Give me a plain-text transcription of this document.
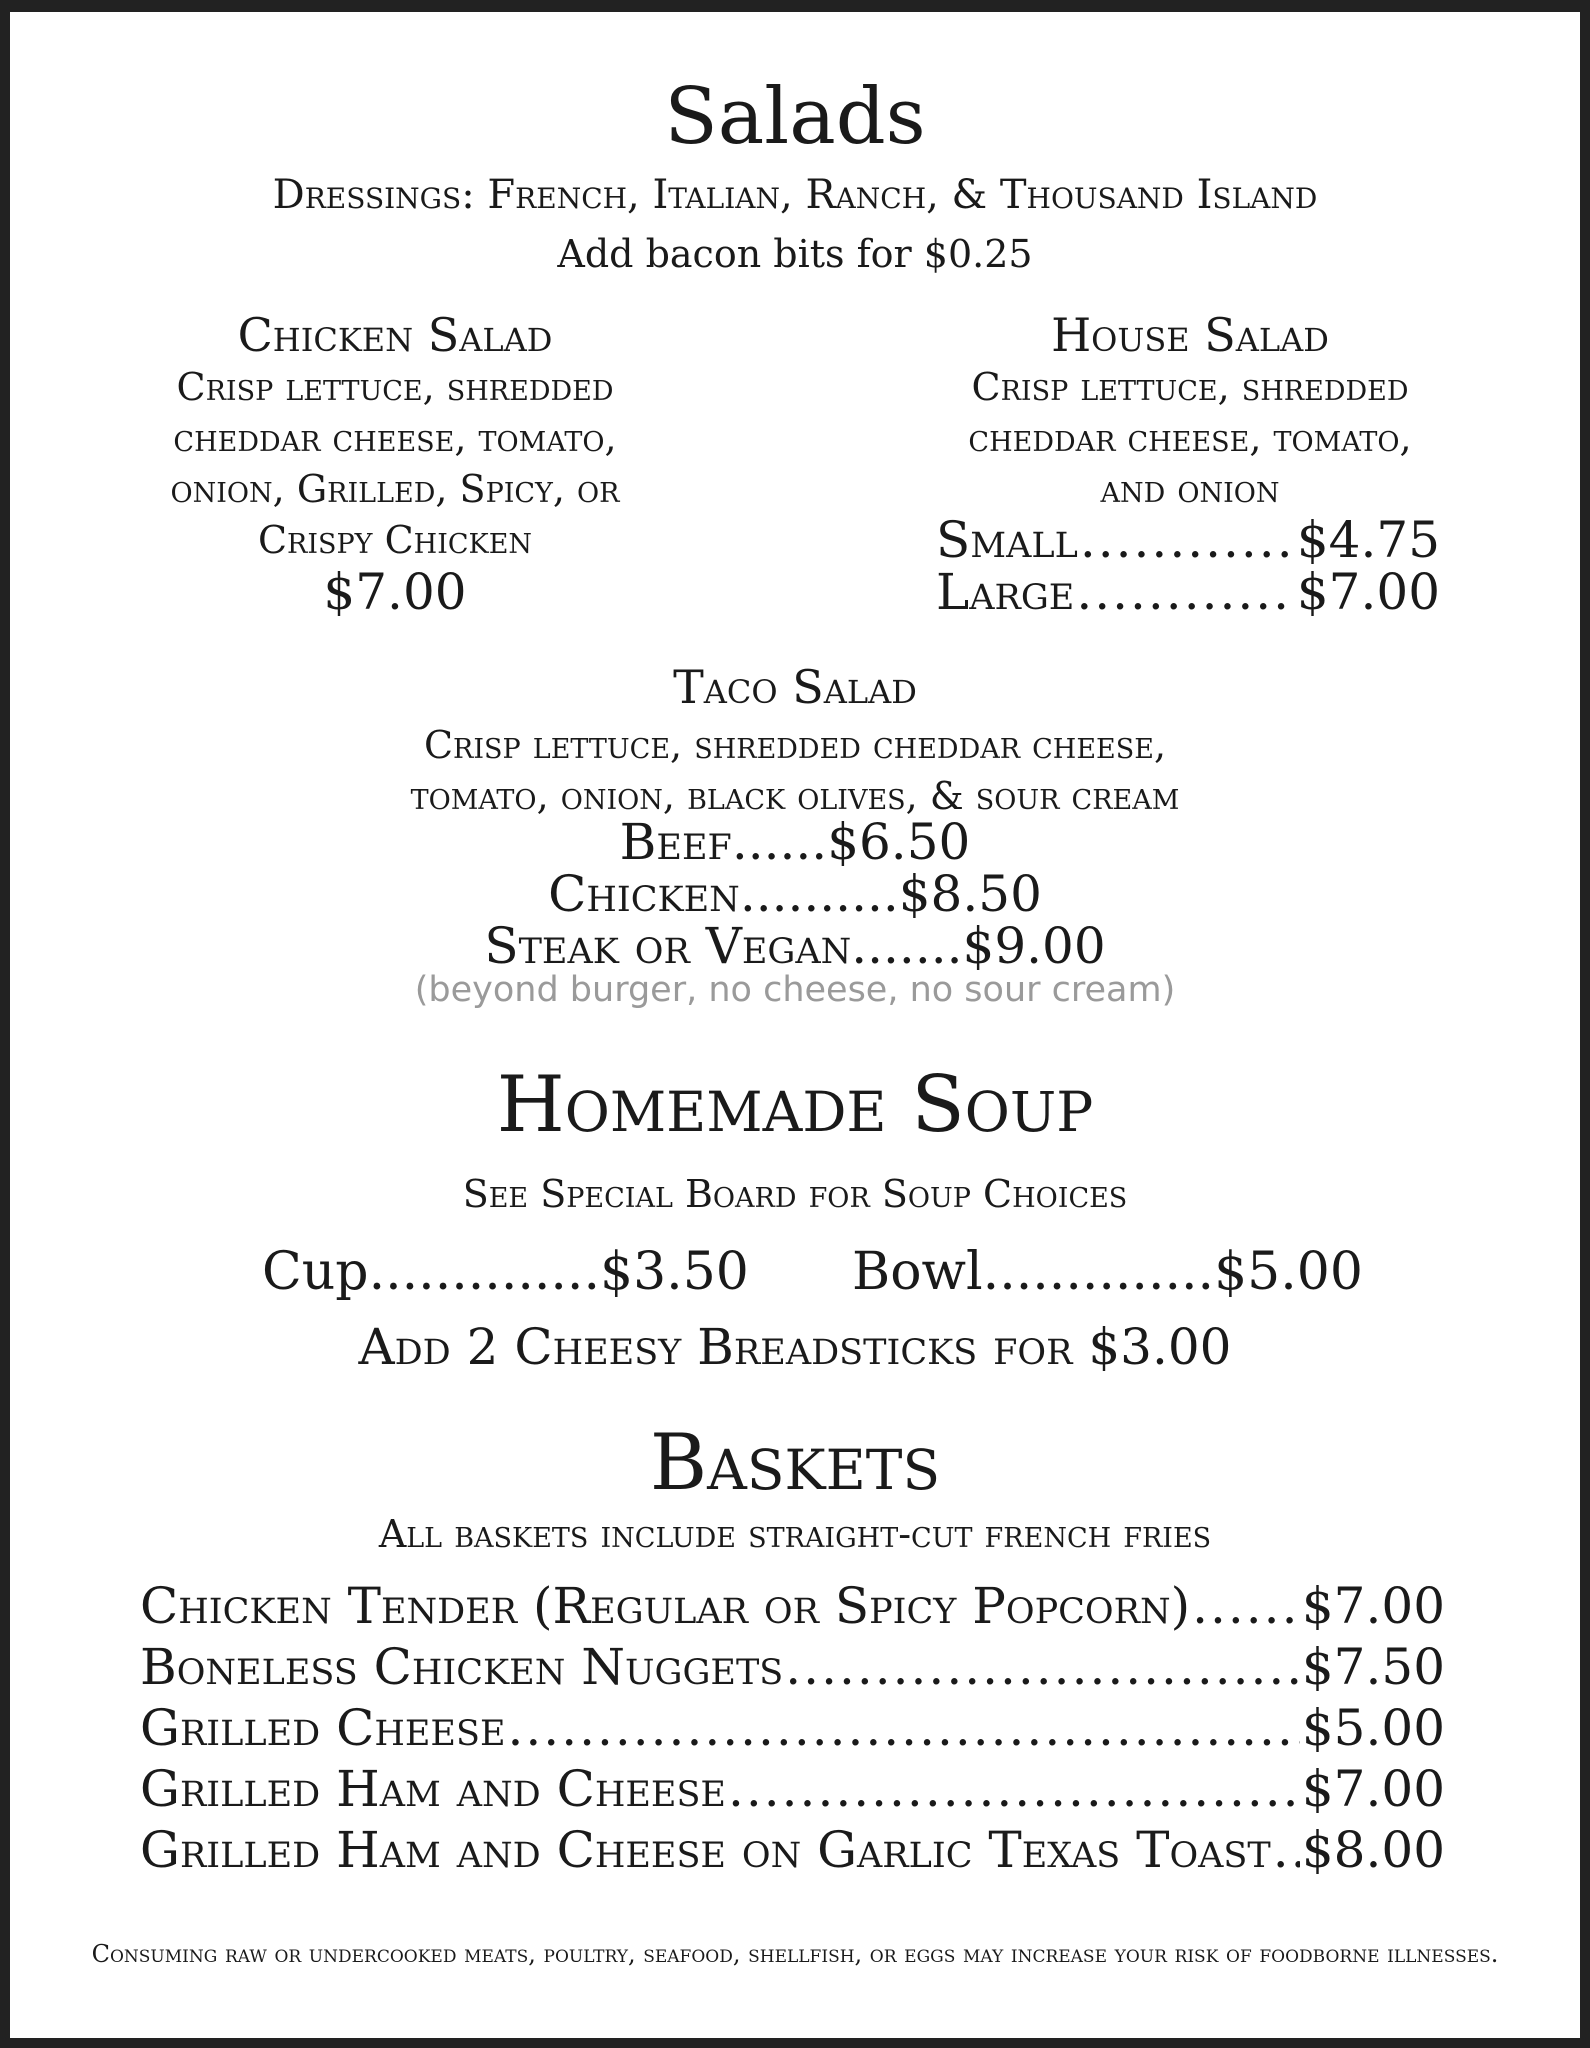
Salads
Dressings: French, Italian, Ranch, & Thousand Island
Add bacon bits for $0.25
Chicken Salad
Crisp lettuce, shredded
cheddar cheese, tomato,
onion, Grilled, Spicy, or
Crispy Chicken
$7.00
House Salad
Crisp lettuce, shredded
cheddar cheese, tomato,
and onion
Small .....	$4.75
Large .....	$7.00
Taco Salad
Crisp lettuce, shredded cheddar cheese,
tomato, onion, black olives, & sour cream
Beef......$6.50
Chicken..........$8.50
Steak or Vegan.......$9.00
(beyond burger, no cheese, no sour cream)
Homemade Soup
See Special Board for Soup Choices
Cup..............$3.50 Bowl..............$5.00
Add 2 Cheesy Breadsticks for $3.00
Baskets
All baskets include straight-cut french fries
Chicken Tender (Regular or Spicy Popcorn) ..... $7.00
Boneless Chicken Nuggets .....	$7.50
Grilled Cheese .....	$5.00
Grilled Ham and Cheese .....	$7.00
Grilled Ham and Cheese on Garlic Texas Toast ..... $8.00
Consuming raw or undercooked meats, poultry, seafood, shellfish, or eggs may increase your risk of foodborne illnesses.
